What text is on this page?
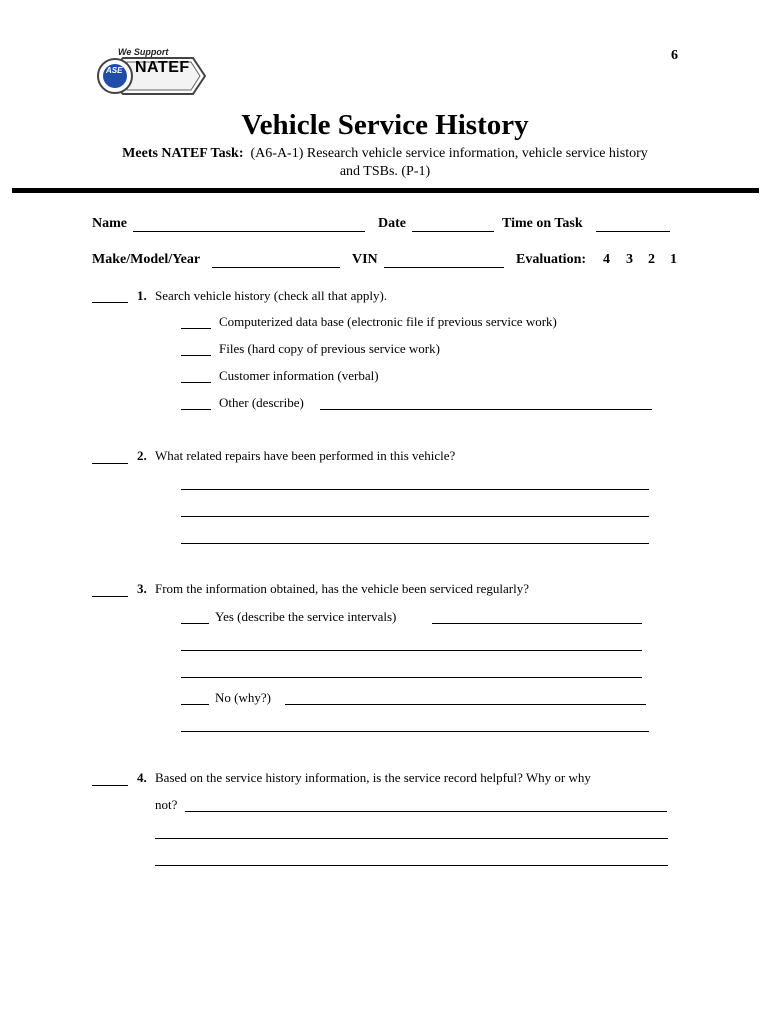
6
We Support
NATEF
ASE
Vehicle Service History
Meets NATEF Task: (A6-A-1) Research vehicle service information, vehicle service history
and TSBs. (P-1)
Name	Date	Time on Task
Make/Model/Year	VIN	Evaluation: 4 3 2 1
1. Search vehicle history (check all that apply).
Computerized data base (electronic file if previous service work)
Files (hard copy of previous service work)
Customer information (verbal)
Other (describe)
2. What related repairs have been performed in this vehicle?
3. From the information obtained, has the vehicle been serviced regularly?
Yes (describe the service intervals)
No (why?)
4. Based on the service history information, is the service record helpful? Why or why
not?
